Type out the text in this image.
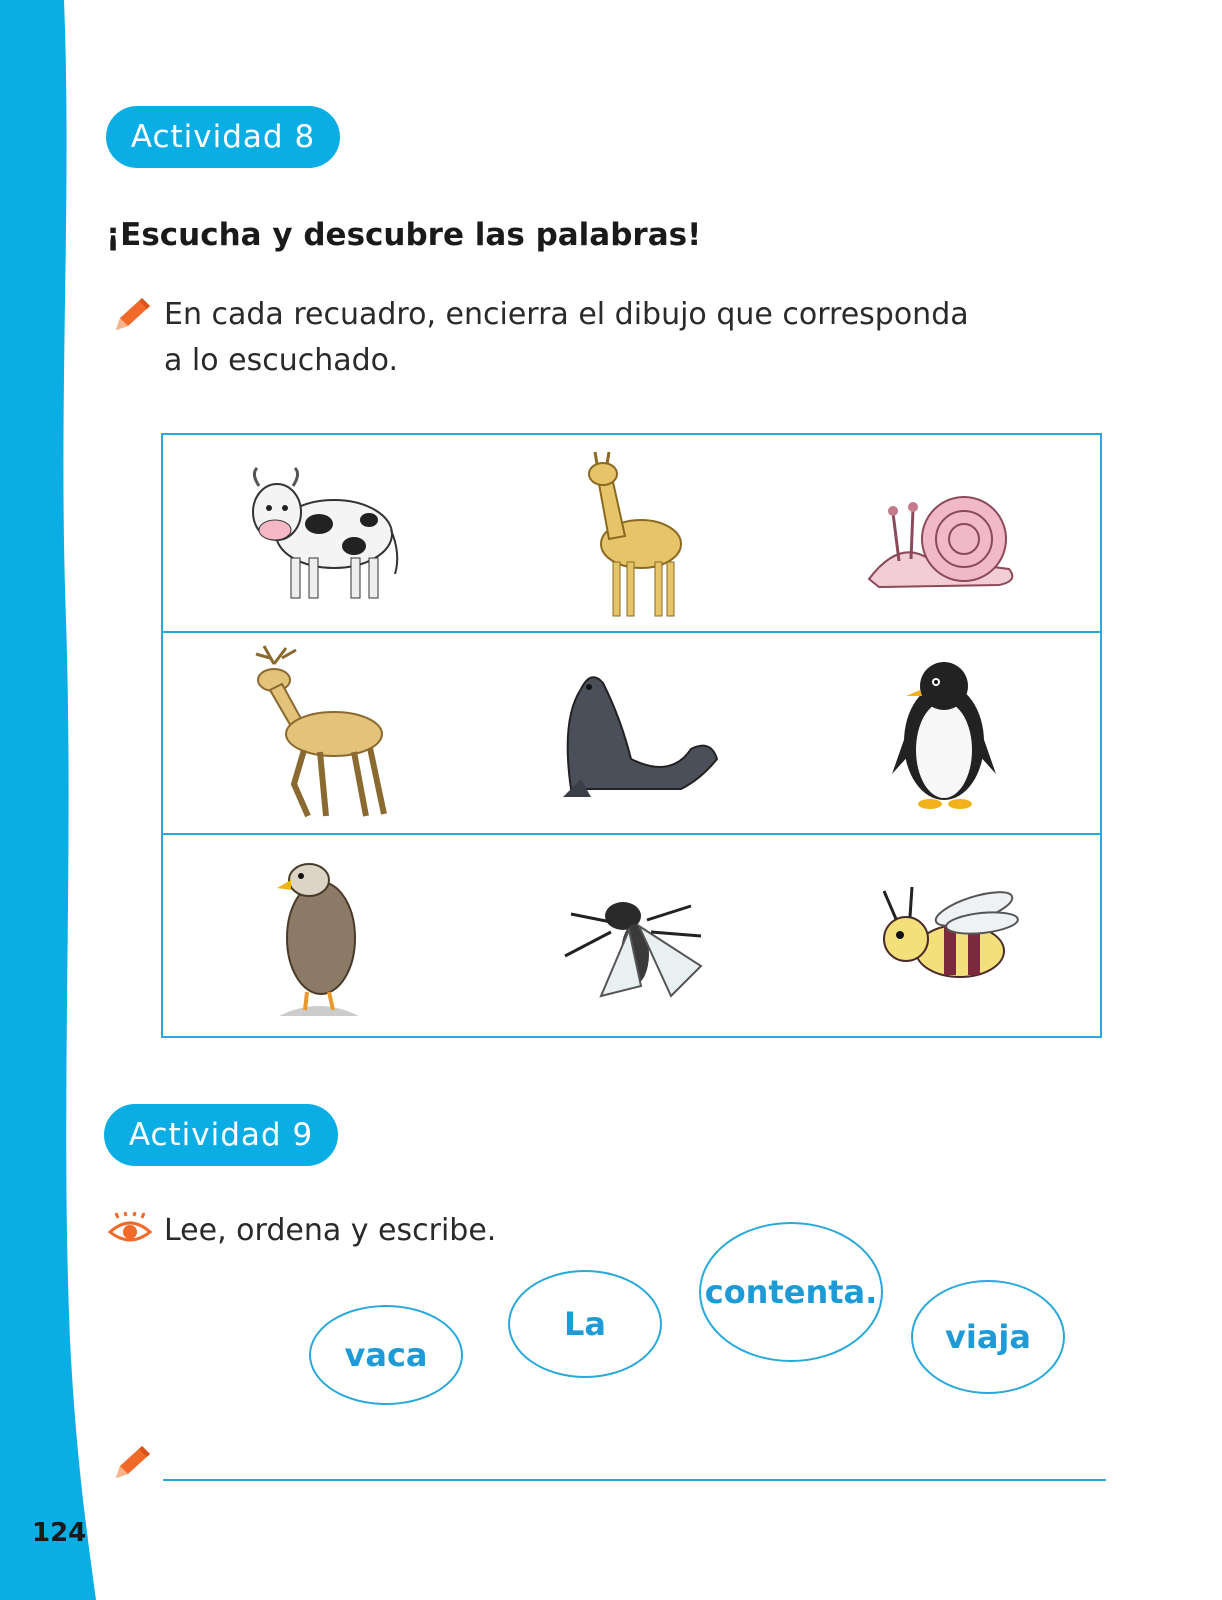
124
Actividad 8
¡Escucha y descubre las palabras!
En cada recuadro, encierra el dibujo que corresponda
a lo escuchado.
Actividad 9
Lee, ordena y escribe.
vaca
La
contenta.
viaja
